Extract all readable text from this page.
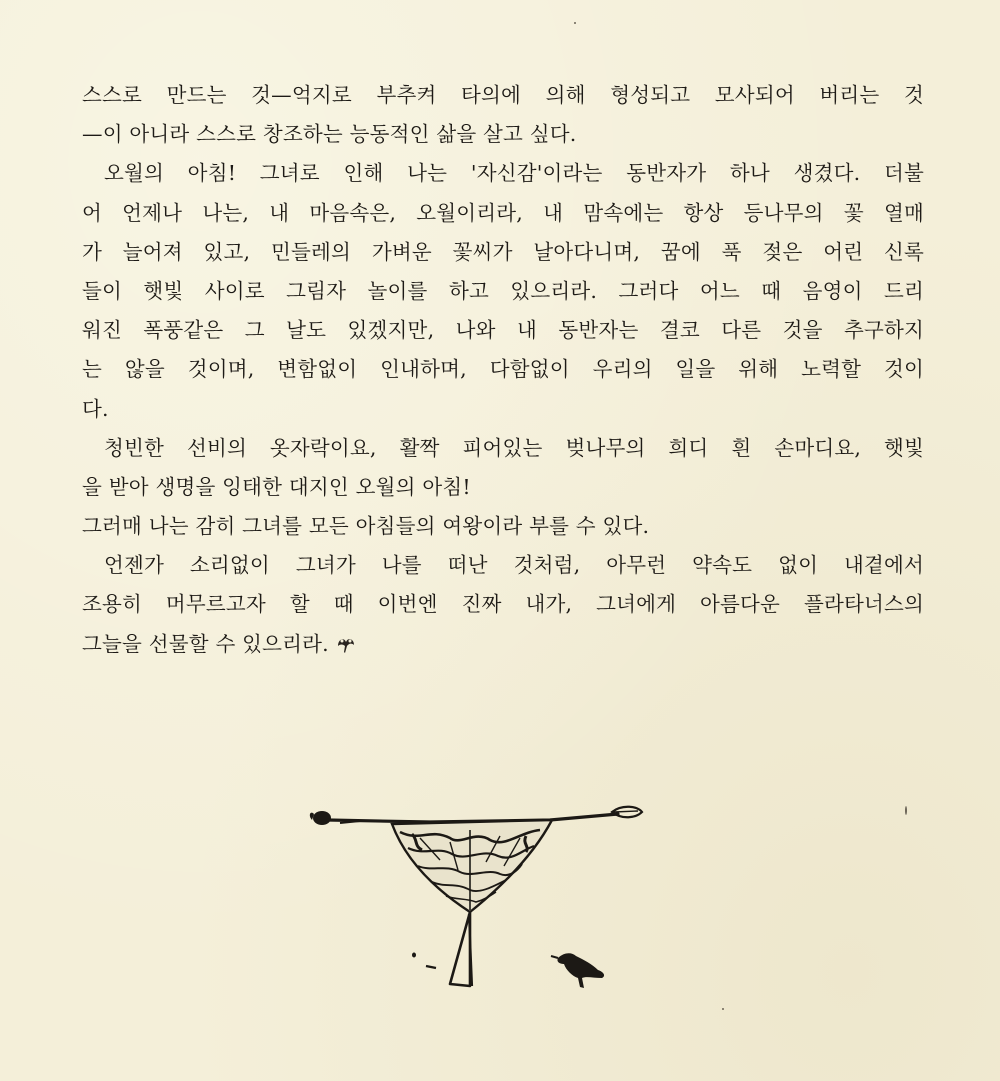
스스로 만드는 것—억지로 부추켜 타의에 의해 형성되고 모사되어 버리는 것
—이 아니라 스스로 창조하는 능동적인 삶을 살고 싶다.
오월의 아침! 그녀로 인해 나는 '자신감'이라는 동반자가 하나 생겼다. 더불
어 언제나 나는, 내 마음속은, 오월이리라, 내 맘속에는 항상 등나무의 꽃 열매
가 늘어져 있고, 민들레의 가벼운 꽃씨가 날아다니며, 꿈에 푹 젖은 어린 신록
들이 햇빛 사이로 그림자 놀이를 하고 있으리라. 그러다 어느 때 음영이 드리
워진 폭풍같은 그 날도 있겠지만, 나와 내 동반자는 결코 다른 것을 추구하지
는 않을 것이며, 변함없이 인내하며, 다함없이 우리의 일을 위해 노력할 것이
다.
청빈한 선비의 옷자락이요, 활짝 피어있는 벚나무의 희디 흰 손마디요, 햇빛
을 받아 생명을 잉태한 대지인 오월의 아침!
그러매 나는 감히 그녀를 모든 아침들의 여왕이라 부를 수 있다.
언젠가 소리없이 그녀가 나를 떠난 것처럼, 아무런 약속도 없이 내곁에서
조용히 머무르고자 할 때 이번엔 진짜 내가, 그녀에게 아름다운 플라타너스의
그늘을 선물할 수 있으리라.
